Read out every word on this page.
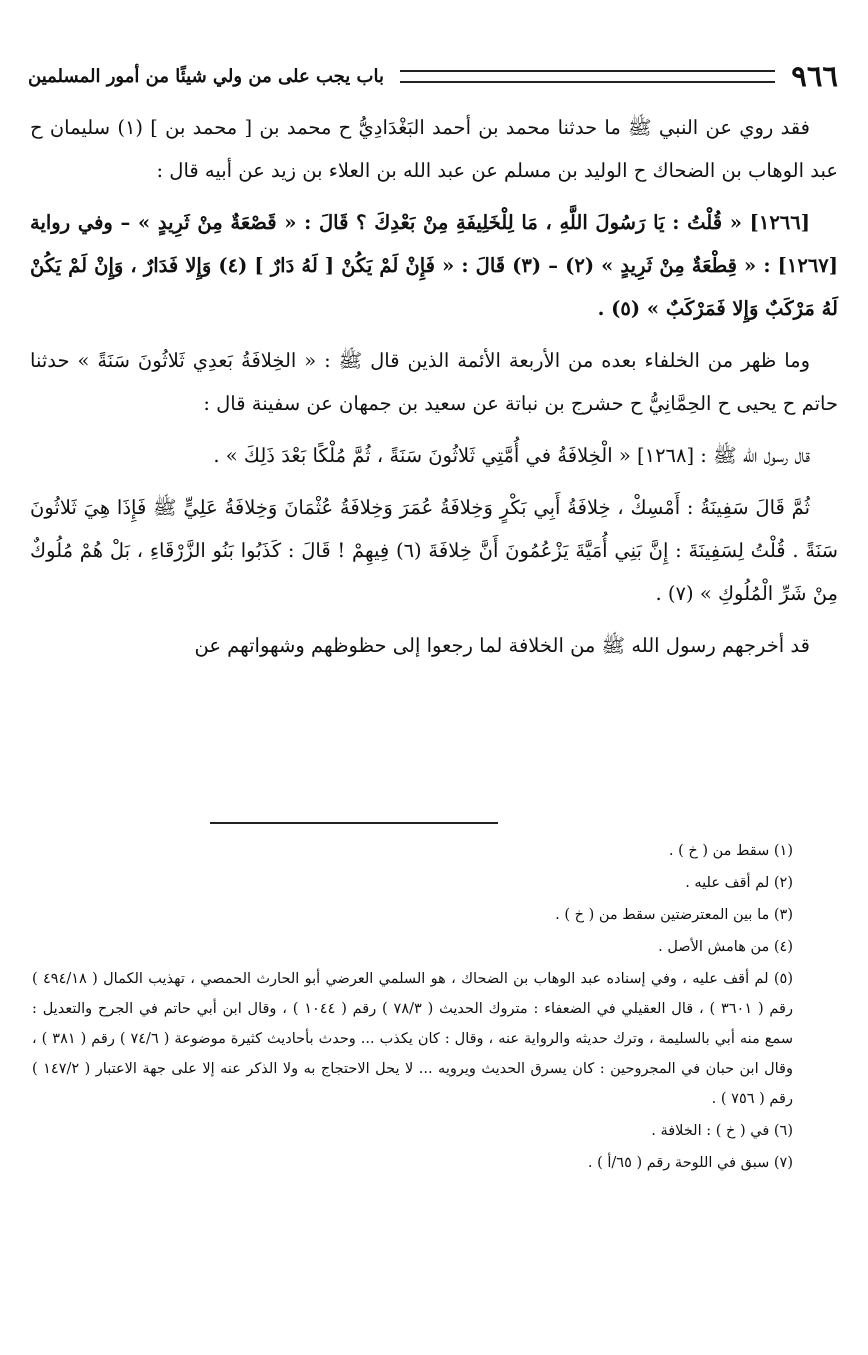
٩٦٦
باب يجب على من ولي شيئًا من أمور المسلمين

فقد روي عن النبي ﷺ ما حدثنا محمد بن أحمد البَغْدَادِيُّ ح محمد بن [ محمد بن ] (١) سليمان ح عبد الوهاب بن الضحاك ح الوليد بن مسلم عن عبد الله بن العلاء بن زيد عن أبيه قال :

[١٢٦٦] « قُلْتُ : يَا رَسُولَ اللَّهِ ، مَا لِلْخَلِيفَةِ مِنْ بَعْدِكَ ؟ قَالَ : « قَصْعَةٌ مِنْ ثَرِيدٍ » – وفي رواية [١٢٦٧] : « قِطْعَةٌ مِنْ ثَرِيدٍ » (٢) – (٣) قَالَ : « فَإِنْ لَمْ يَكُنْ [ لَهُ دَارٌ ] (٤) وَإِلا فَدَارٌ ، وَإِنْ لَمْ يَكُنْ لَهُ مَرْكَبٌ وَإِلا فَمَرْكَبٌ » (٥) .

وما ظهر من الخلفاء بعده من الأربعة الأئمة الذين قال ﷺ : « الخِلافَةُ بَعدِي ثَلاثُونَ سَنَةً » حدثنا حاتم ح يحيى ح الحِمَّانِيُّ ح حشرج بن نباتة عن سعيد بن جمهان عن سفينة قال :

قال رسول الله ﷺ : [١٢٦٨] « الْخِلافَةُ في أُمَّتِي ثَلاثُونَ سَنَةً ، ثُمَّ مُلْكًا بَعْدَ ذَلِكَ » .

ثُمَّ قَالَ سَفِينَةُ : أَمْسِكْ ، خِلافَةُ أَبِي بَكْرٍ وَخِلافَةُ عُمَرَ وَخِلافَةُ عُثْمَانَ وَخِلافَةُ عَلِيٍّ ﷺ فَإِذَا هِيَ ثَلاثُونَ سَنَةً . قُلْتُ لِسَفِينَةَ : إِنَّ بَنِي أُمَيَّةَ يَزْعُمُونَ أَنَّ خِلافَةَ (٦) فِيهِمْ ! قَالَ : كَذَبُوا بَنُو الزَّرْقَاءِ ، بَلْ هُمْ مُلُوكٌ مِنْ شَرِّ الْمُلُوكِ » (٧) .

قد أخرجهم رسول الله ﷺ من الخلافة لما رجعوا إلى حظوظهم وشهواتهم عن

(١) سقط من ( خ ) .

(٢) لم أقف عليه .

(٣) ما بين المعترضتين سقط من ( خ ) .

(٤) من هامش الأصل .

(٥) لم أقف عليه ، وفي إسناده عبد الوهاب بن الضحاك ، هو السلمي العرضي أبو الحارث الحمصي ، تهذيب الكمال ( ٤٩٤/١٨ ) رقم ( ٣٦٠١ ) ، قال العقيلي في الضعفاء : متروك الحديث ( ٧٨/٣ ) رقم ( ١٠٤٤ ) ، وقال ابن أبي حاتم في الجرح والتعديل : سمع منه أبي بالسليمة ، وترك حديثه والرواية عنه ، وقال : كان يكذب ... وحدث بأحاديث كثيرة موضوعة ( ٧٤/٦ ) رقم ( ٣٨١ ) ، وقال ابن حبان في المجروحين : كان يسرق الحديث ويرويه ... لا يحل الاحتجاج به ولا الذكر عنه إلا على جهة الاعتبار ( ١٤٧/٢ ) رقم ( ٧٥٦ ) .

(٦) في ( خ ) : الخلافة .

(٧) سبق في اللوحة رقم ( ٦٥/أ ) .
